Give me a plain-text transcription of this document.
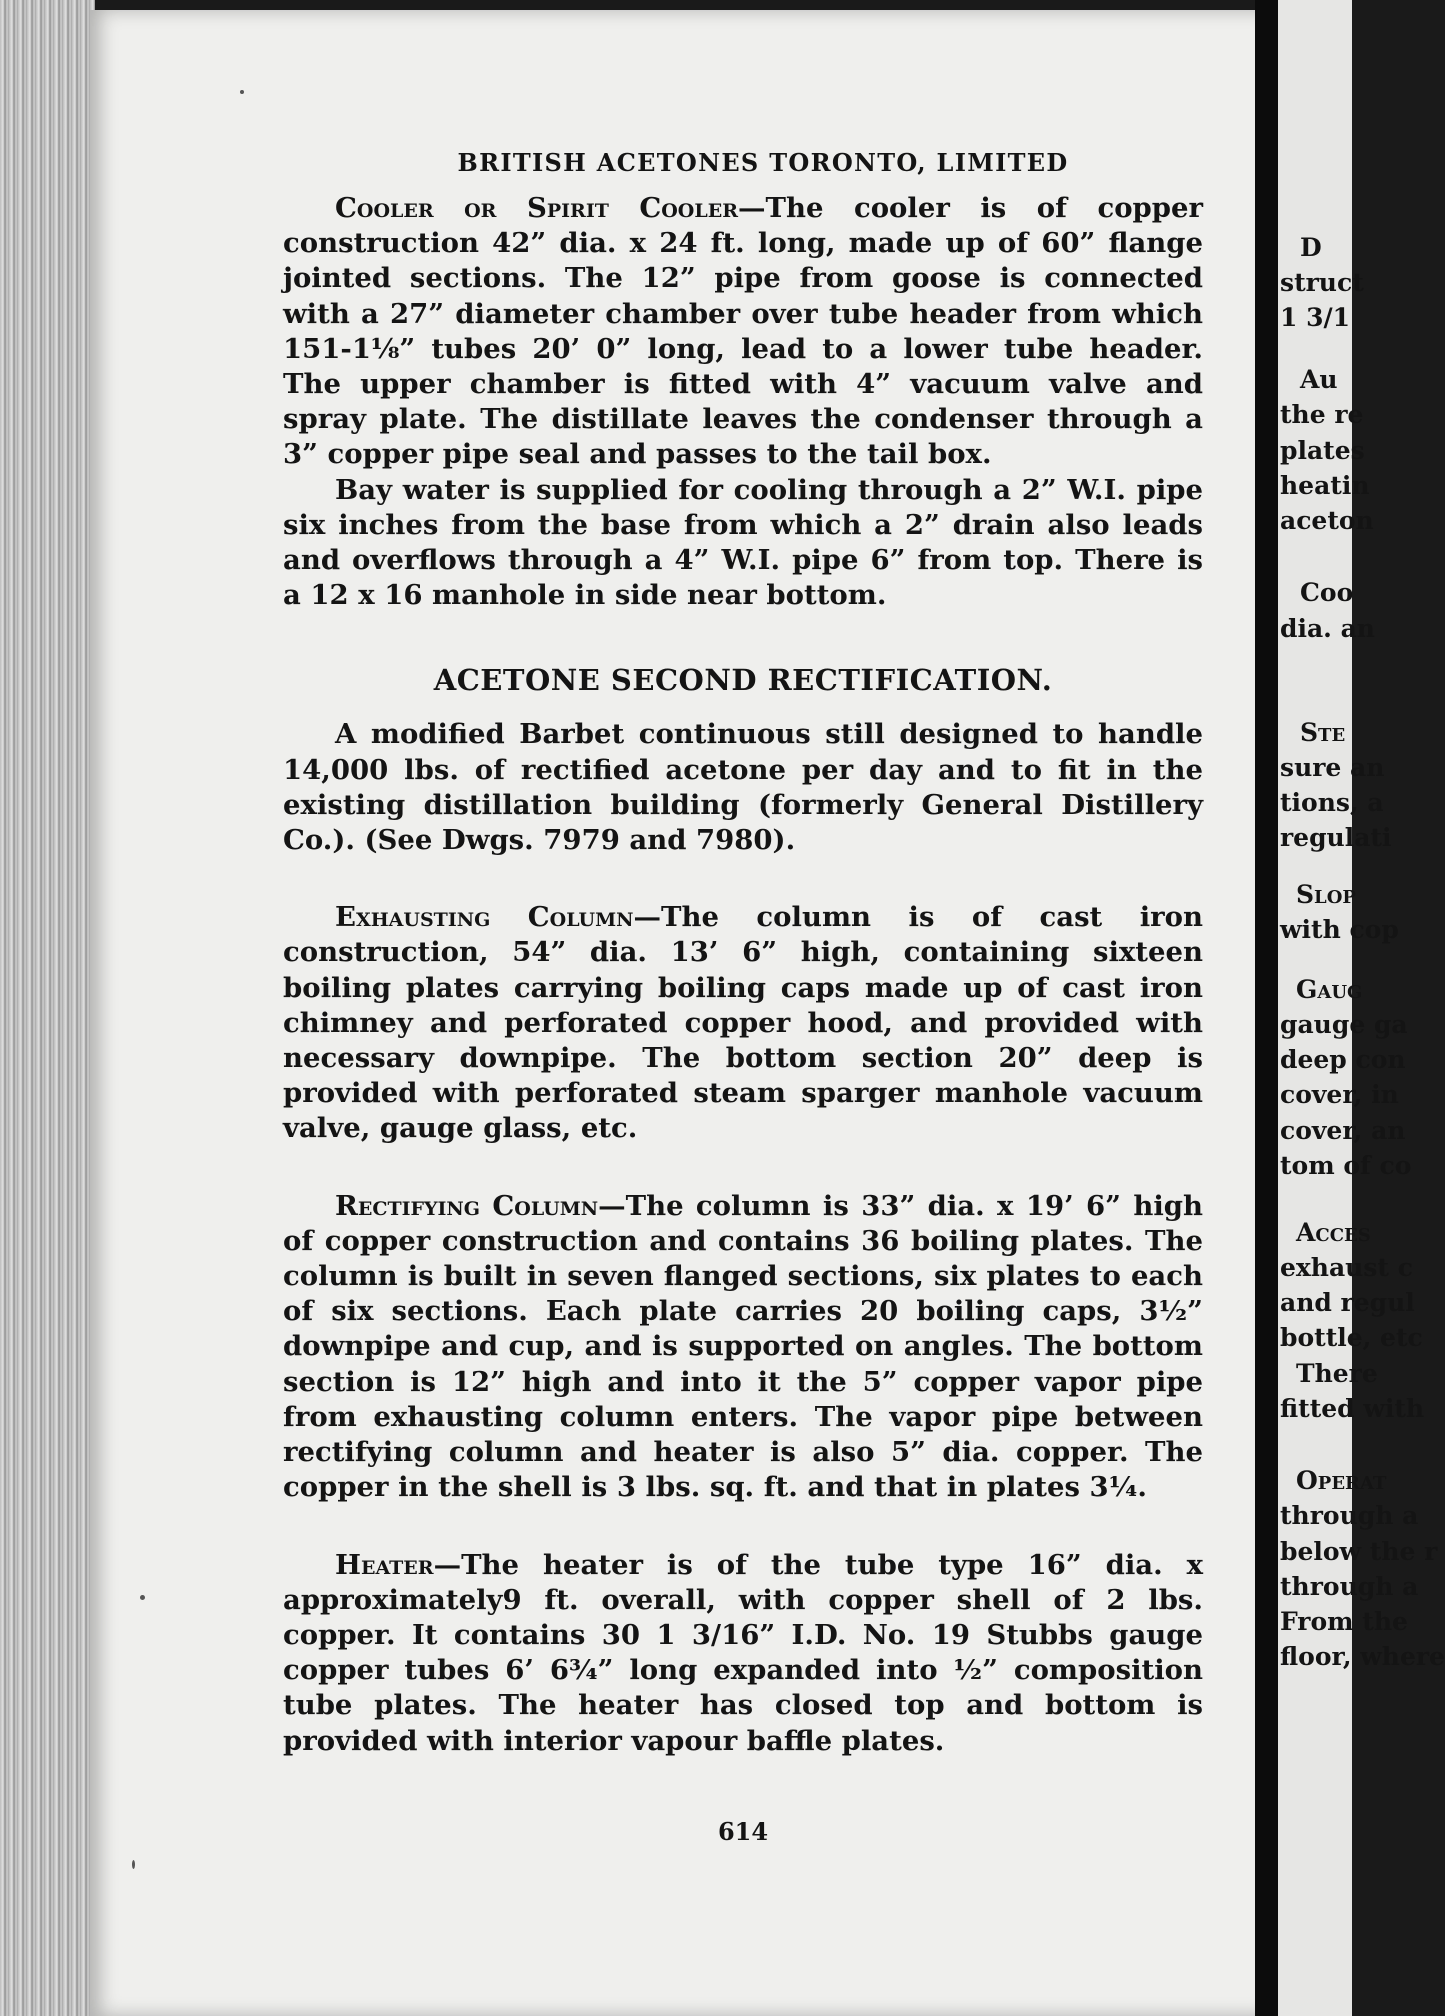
D
struct
1 3/1
Au
the re
plates
heatin
aceton
Coo
dia. an
Ste
sure an
tions, a
regulati
Slop
with cop
Gaug
gauge ga
deep con
cover, in
cover, an
tom of co
Acces
exhaust c
and regul
bottle, etc
There
fitted with
Operat
through a
below the r
through a
From the
floor, where
BRITISH ACETONES TORONTO, LIMITED

Cooler or Spirit Cooler—The cooler is of copper construction 42” dia. x 24 ft. long, made up of 60” flange jointed sections. The 12” pipe from goose is connected with a 27” diameter chamber over tube header from which 151-1⅛” tubes 20’ 0” long, lead to a lower tube header. The upper chamber is fitted with 4” vacuum valve and spray plate. The distillate leaves the condenser through a 3” copper pipe seal and passes to the tail box.

Bay water is supplied for cooling through a 2” W.I. pipe six inches from the base from which a 2” drain also leads and overflows through a 4” W.I. pipe 6” from top. There is a 12 x 16 manhole in side near bottom.

ACETONE SECOND RECTIFICATION.

A modified Barbet continuous still designed to handle 14,000 lbs. of rectified acetone per day and to fit in the existing distillation building (formerly General Distillery Co.). (See Dwgs. 7979 and 7980).

Exhausting Column—The column is of cast iron construction, 54” dia. 13’ 6” high, containing sixteen boiling plates carrying boiling caps made up of cast iron chimney and perforated copper hood, and provided with necessary downpipe. The bottom section 20” deep is provided with perforated steam sparger manhole vacuum valve, gauge glass, etc.

Rectifying Column—The column is 33” dia. x 19’ 6” high of copper construction and contains 36 boiling plates. The column is built in seven flanged sections, six plates to each of six sections. Each plate carries 20 boiling caps, 3½” downpipe and cup, and is supported on angles. The bottom section is 12” high and into it the 5” copper vapor pipe from exhausting column enters. The vapor pipe between rectifying column and heater is also 5” dia. copper. The copper in the shell is 3 lbs. sq. ft. and that in plates 3¼.

Heater—The heater is of the tube type 16” dia. x approximately9 ft. overall, with copper shell of 2 lbs. copper. It contains 30 1 3/16” I.D. No. 19 Stubbs gauge copper tubes 6’ 6¾” long expanded into ½” composition tube plates. The heater has closed top and bottom is provided with interior vapour baffle plates.

614
